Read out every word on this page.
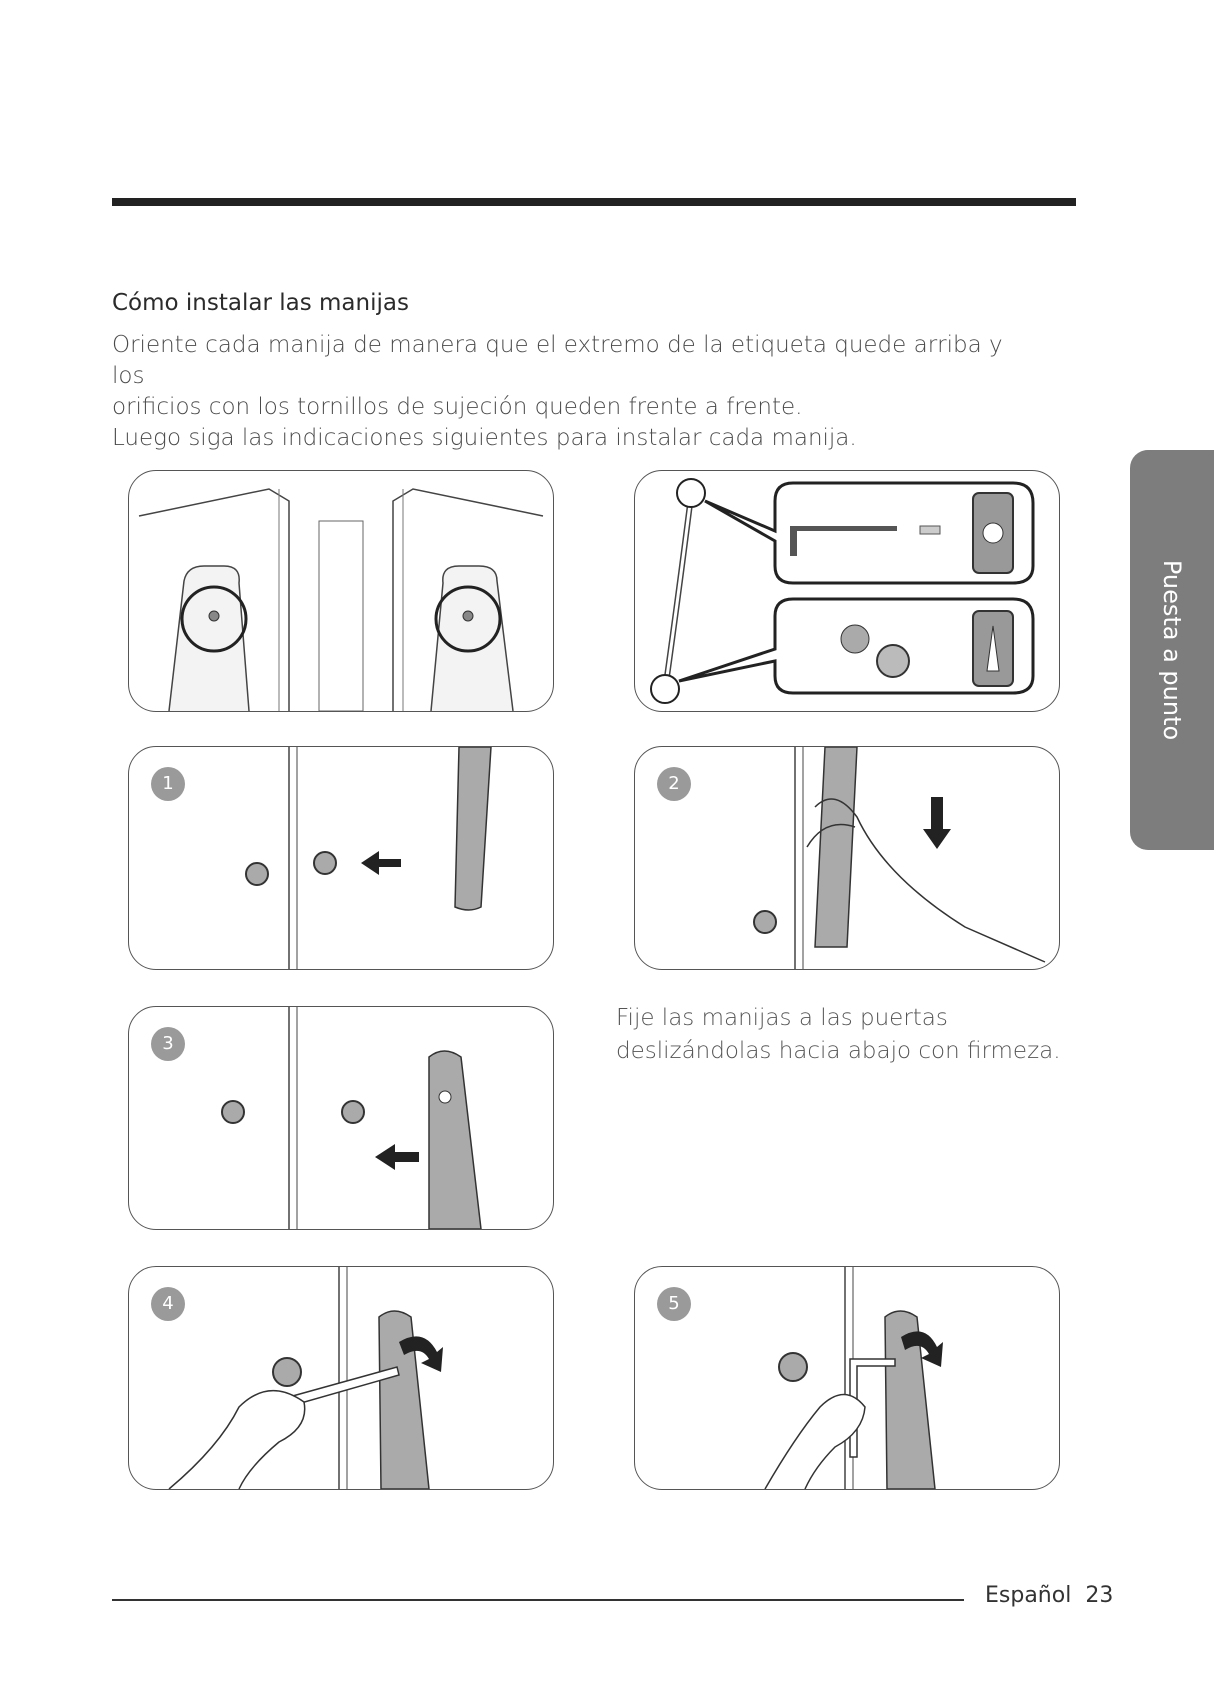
Cómo instalar las manijas

Oriente cada manija de manera que el extremo de la etiqueta quede arriba y los

orificios con los tornillos de sujeción queden frente a frente.

Luego siga las indicaciones siguientes para instalar cada manija.

Puesta a punto
1	2
3

Fije las manijas a las puertas
deslizándolas hacia abajo con firmeza.

4	5
Español 23
